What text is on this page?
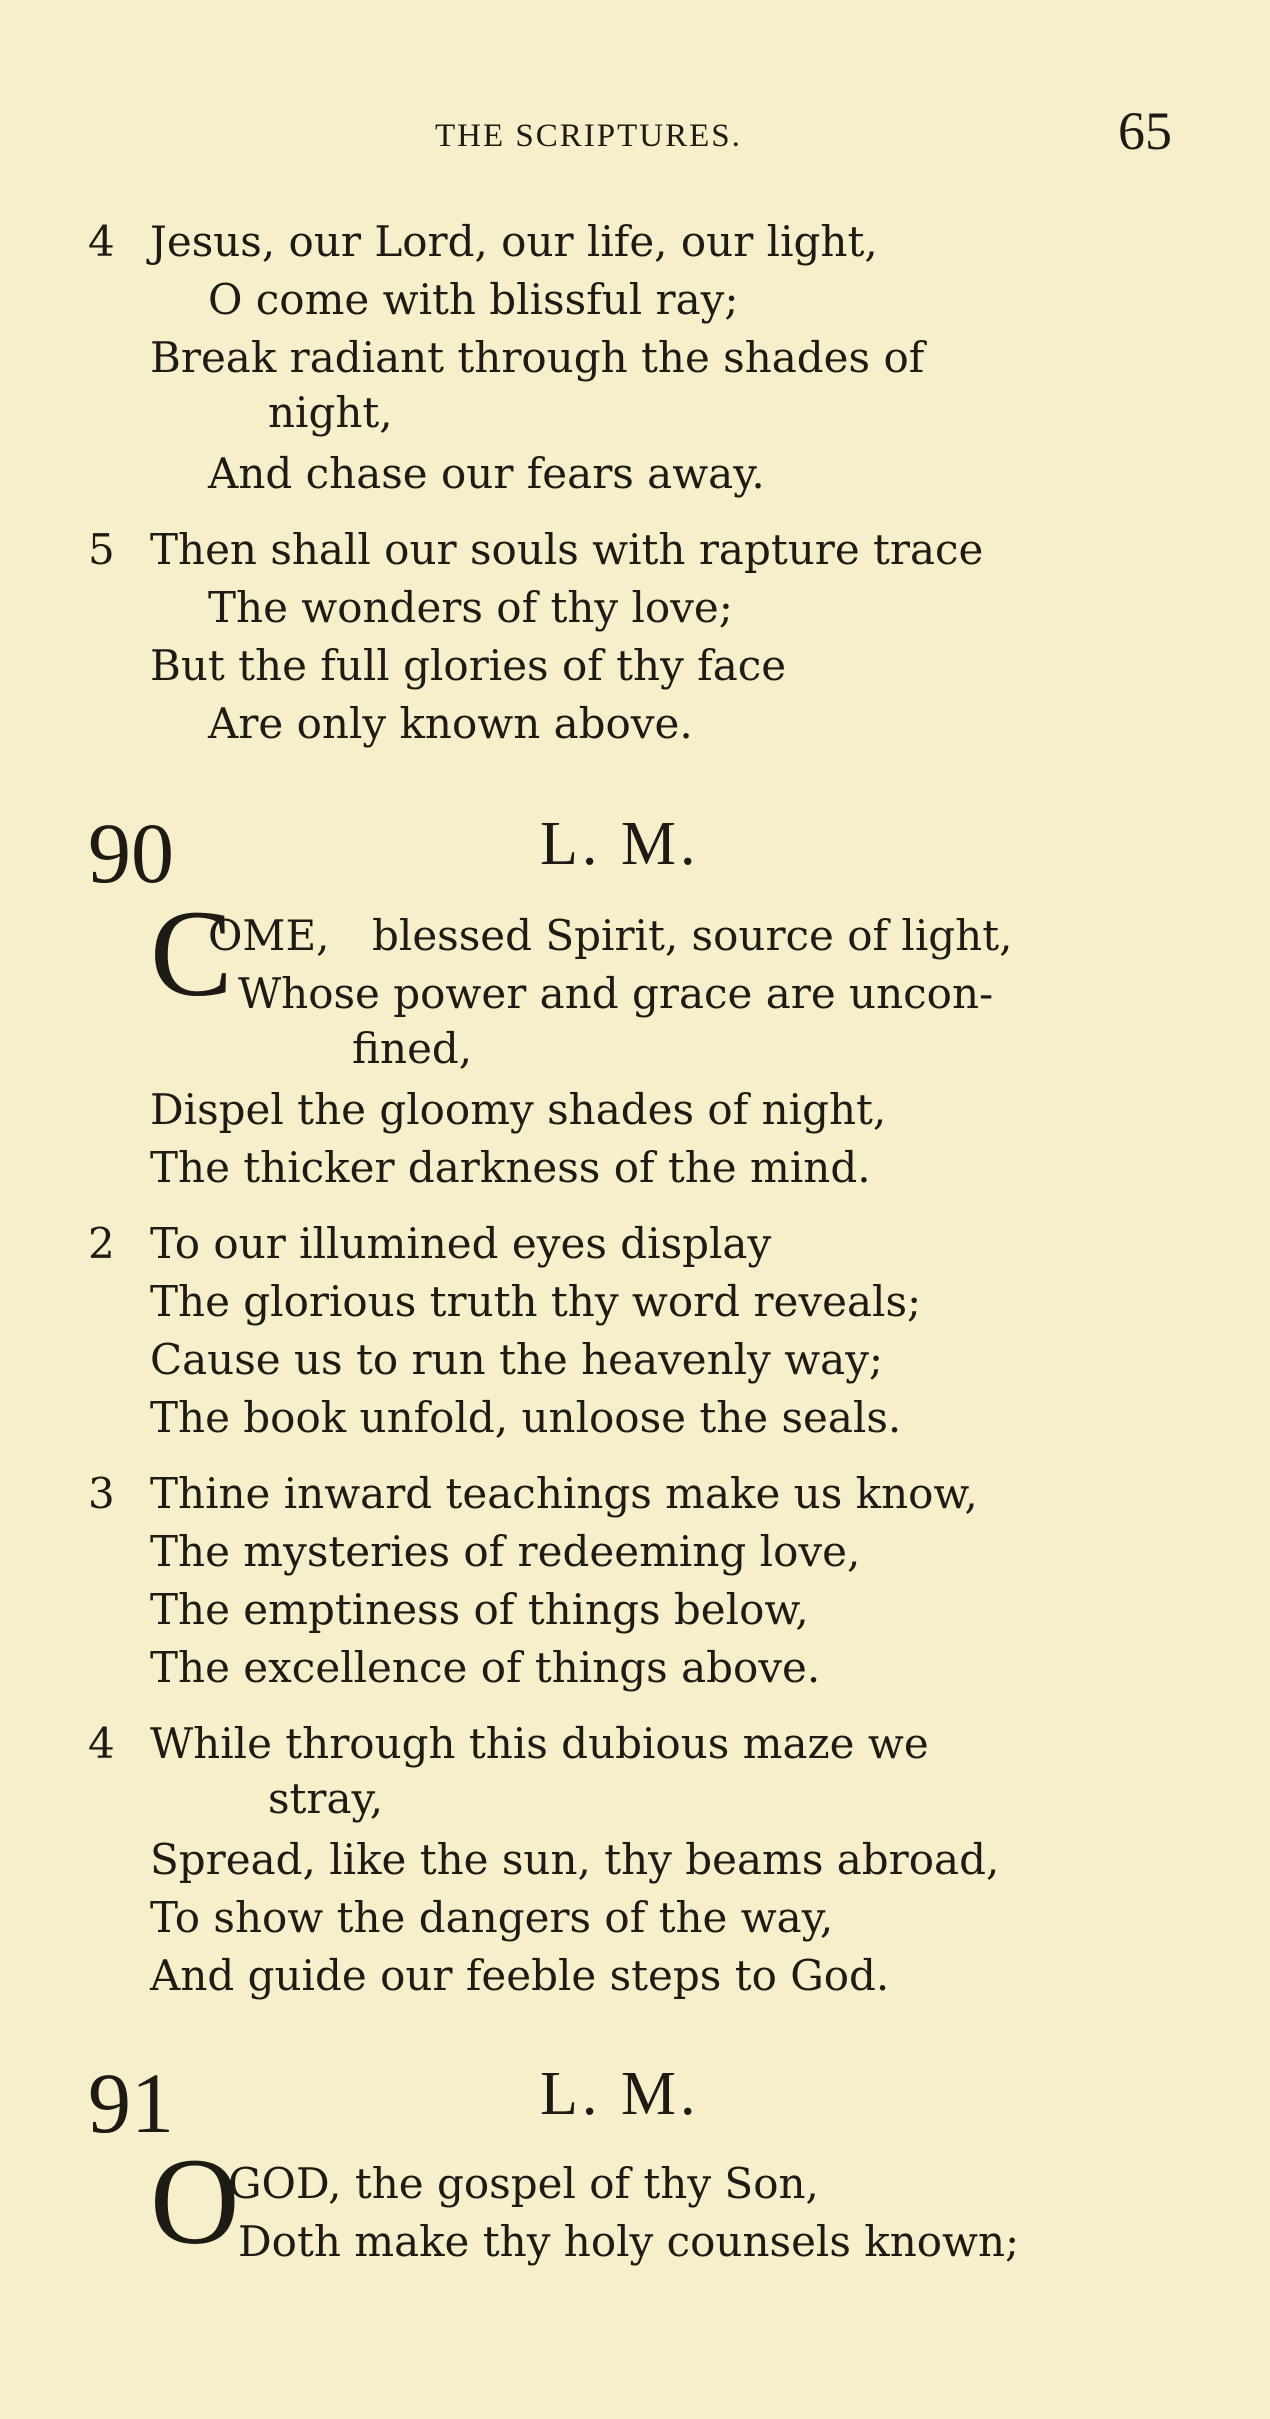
THE SCRIPTURES.	65
4 Jesus, our Lord, our life, our light,
O come with blissful ray;
Break radiant through the shades of
night,
And chase our fears away.
5 Then shall our souls with rapture trace
The wonders of thy love;
But the full glories of thy face
Are only known above.
90	L. M.
C
OME, blessed Spirit, source of light,
Whose power and grace are uncon-
fined,
Dispel the gloomy shades of night,
The thicker darkness of the mind.
2 To our illumined eyes display
The glorious truth thy word reveals;
Cause us to run the heavenly way;
The book unfold, unloose the seals.
3 Thine inward teachings make us know,
The mysteries of redeeming love,
The emptiness of things below,
The excellence of things above.
4 While through this dubious maze we
stray,
Spread, like the sun, thy beams abroad,
To show the dangers of the way,
And guide our feeble steps to God.
91	L. M.
O
GOD, the gospel of thy Son,
Doth make thy holy counsels known;
